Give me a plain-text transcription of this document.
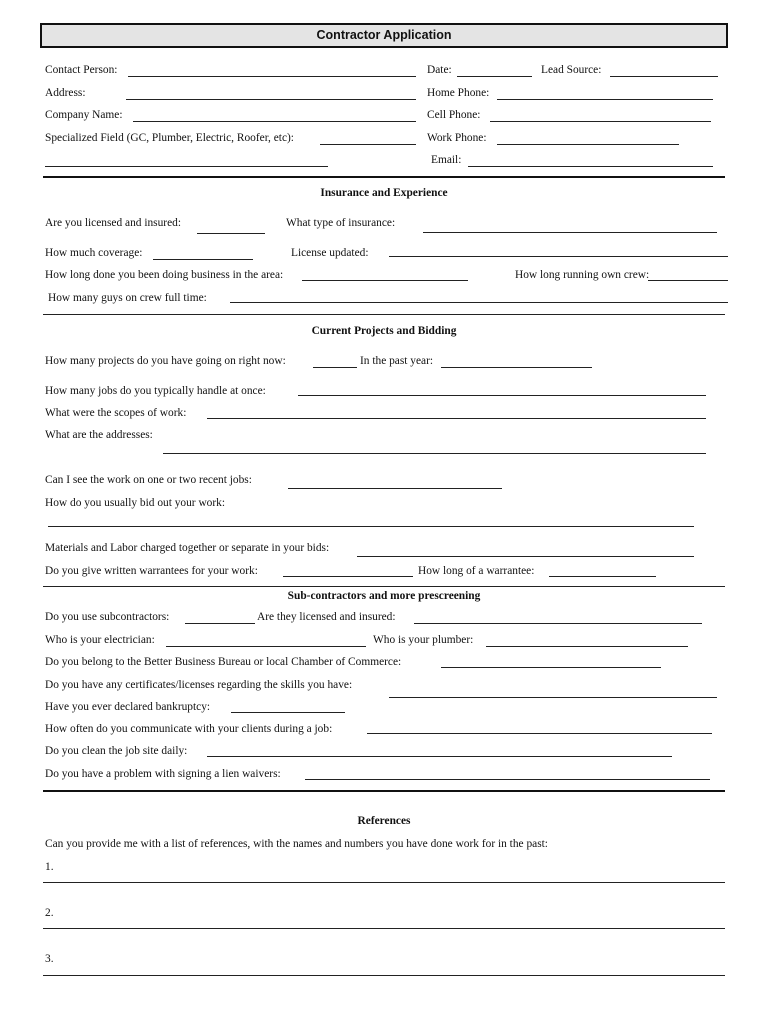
Contractor Application
Contact Person:	Date:	Lead Source:
Address:	Home Phone:
Company Name:	Cell Phone:
Specialized Field (GC, Plumber, Electric, Roofer, etc):	Work Phone:
Email:
Insurance and Experience
Are you licensed and insured:	What type of insurance:
How much coverage:	License updated:
How long done you been doing business in the area:	How long running own crew:
How many guys on crew full time:
Current Projects and Bidding
How many projects do you have going on right now:	In the past year:
How many jobs do you typically handle at once:
What were the scopes of work:
What are the addresses:
Can I see the work on one or two recent jobs:
How do you usually bid out your work:
Materials and Labor charged together or separate in your bids:
Do you give written warrantees for your work:	How long of a warrantee:
Sub-contractors and more prescreening
Do you use subcontractors:	Are they licensed and insured:
Who is your electrician:	Who is your plumber:
Do you belong to the Better Business Bureau or local Chamber of Commerce:
Do you have any certificates/licenses regarding the skills you have:
Have you ever declared bankruptcy:
How often do you communicate with your clients during a job:
Do you clean the job site daily:
Do you have a problem with signing a lien waivers:
References
Can you provide me with a list of references, with the names and numbers you have done work for in the past:
1.
2.
3.
